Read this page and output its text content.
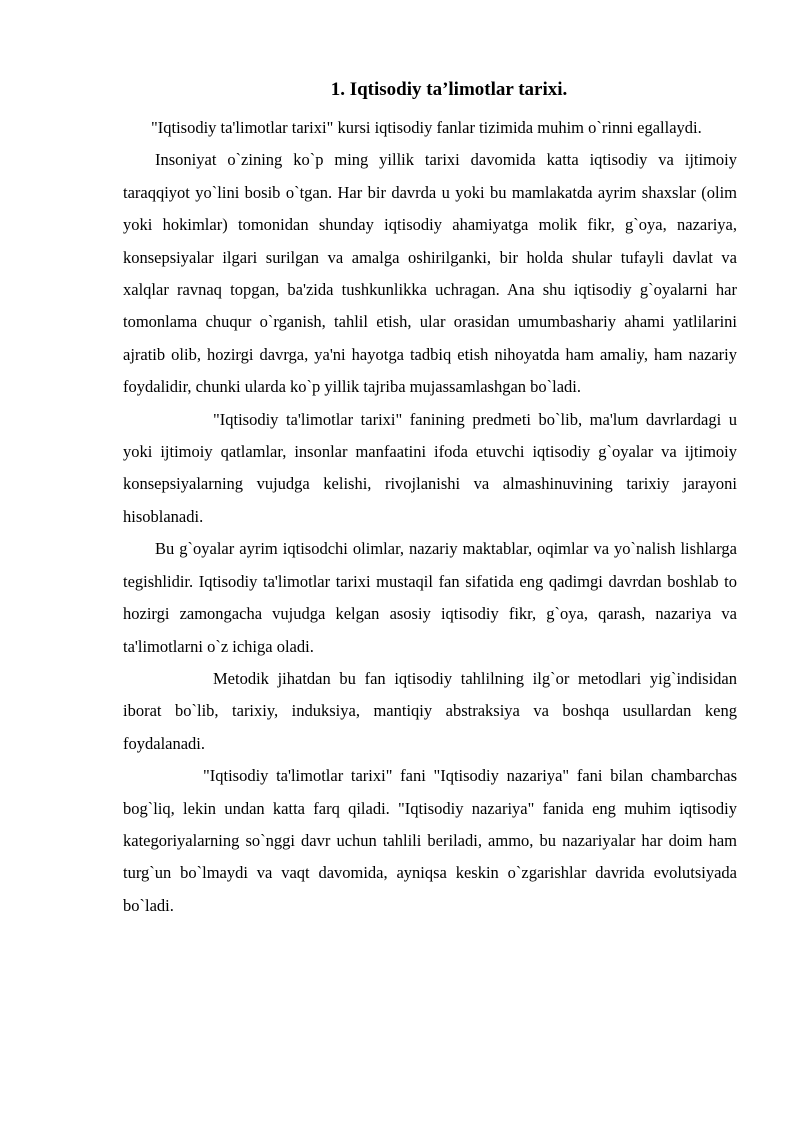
1. Iqtisodiy ta’limotlar tarixi.

"Iqtisodiy ta'limotlar tarixi" kursi iqtisodiy fanlar tizimida muhim o`rinni egallaydi.

Insoniyat o`zining ko`p ming yillik tarixi davomida katta iqtisodiy va ijtimoiy taraqqiyot yo`lini bosib o`tgan. Har bir davrda u yoki bu mamlakatda ayrim shaxslar (olim yoki hokimlar) tomonidan shunday iqtisodiy ahamiyatga molik fikr, g`oya, nazariya, konsepsiyalar ilgari surilgan va amalga oshirilganki, bir holda shular tufayli davlat va xalqlar ravnaq topgan, ba'zida tushkunlikka uchragan. Ana shu iqtisodiy g`oyalarni har tomonlama chuqur o`rganish, tahlil etish, ular orasidan umumbashariy ahami yatlilarini ajratib olib, hozirgi davrga, ya'ni hayotga tadbiq etish nihoyatda ham amaliy, ham nazariy foydalidir, chunki ularda ko`p yillik tajriba mujassamlashgan bo`ladi.

"Iqtisodiy ta'limotlar tarixi" fanining predmeti bo`lib, ma'lum davrlardagi u yoki ijtimoiy qatlamlar, insonlar manfaatini ifoda etuvchi iqtisodiy g`oyalar va ijtimoiy konsepsiyalarning vujudga kelishi, rivojlanishi va almashinuvining tarixiy jarayoni hisoblanadi.

Bu g`oyalar ayrim iqtisodchi olimlar, nazariy maktablar, oqimlar va yo`nalish lishlarga tegishlidir. Iqtisodiy ta'limotlar tarixi mustaqil fan sifatida eng qadimgi davrdan boshlab to hozirgi zamongacha vujudga kelgan asosiy iqtisodiy fikr, g`oya, qarash, nazariya va ta'limotlarni o`z ichiga oladi.

Metodik jihatdan bu fan iqtisodiy tahlilning ilg`or metodlari yig`indisidan iborat bo`lib, tarixiy, induksiya, mantiqiy abstraksiya va boshqa usullardan keng foydalanadi.

"Iqtisodiy ta'limotlar tarixi" fani "Iqtisodiy nazariya" fani bilan chambarchas bog`liq, lekin undan katta farq qiladi. "Iqtisodiy nazariya" fanida eng muhim iqtisodiy kategoriyalarning so`nggi davr uchun tahlili beriladi, ammo, bu nazariyalar har doim ham turg`un bo`lmaydi va vaqt davomida, ayniqsa keskin o`zgarishlar davrida evolutsiyada bo`ladi.
